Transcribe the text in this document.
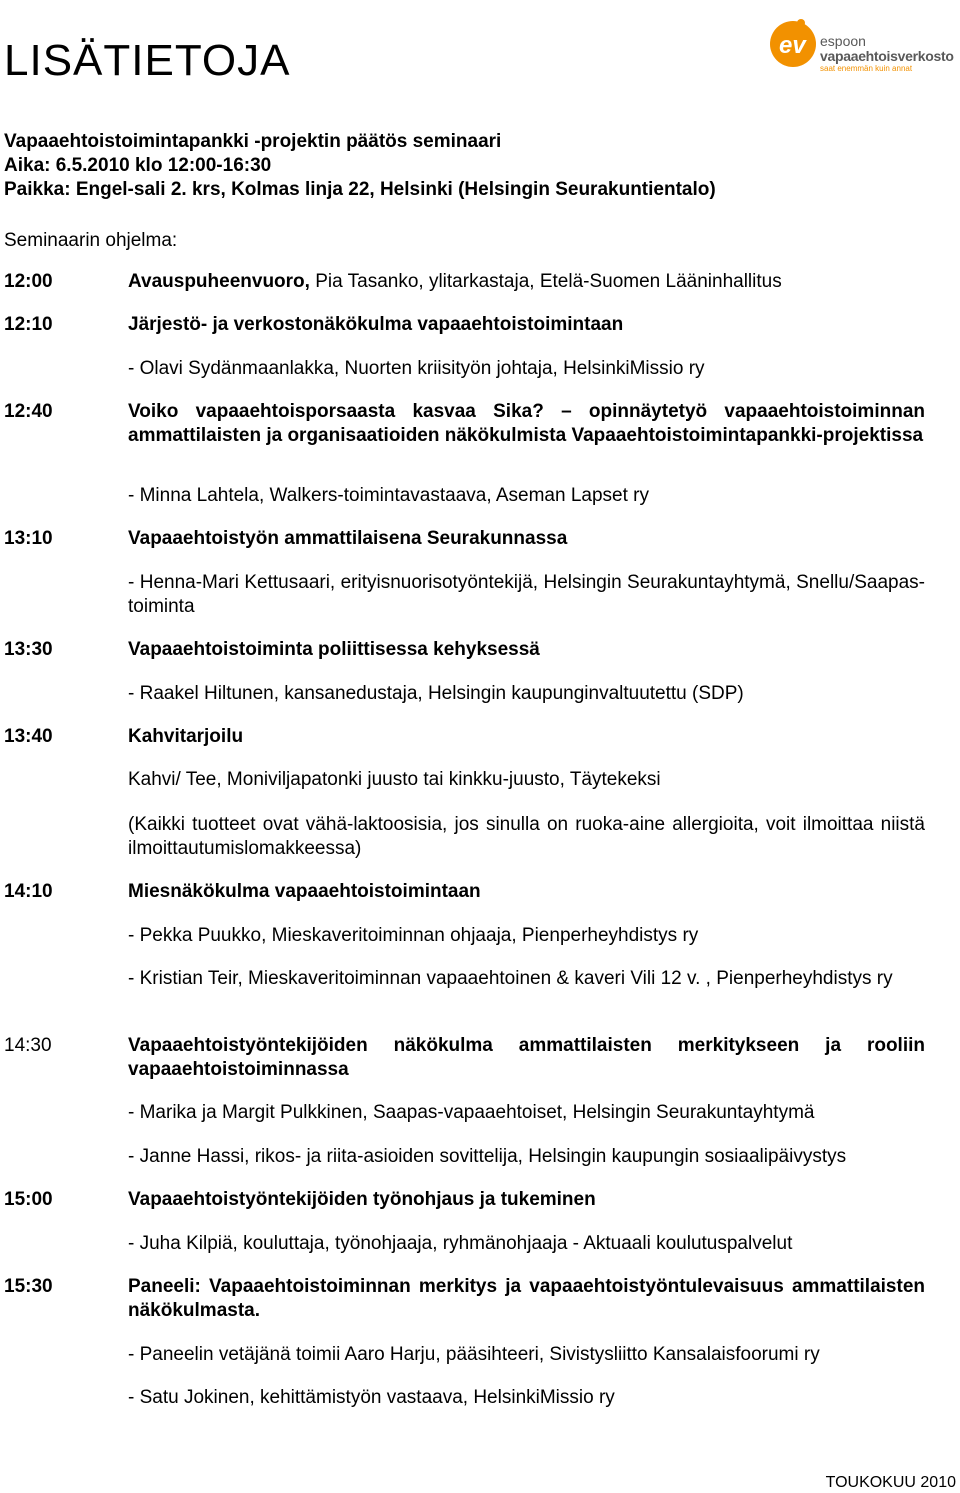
LISÄTIETOJA	ev espoon
vapaaehtoisverkosto
saat enemmän kuin annat
Vapaaehtoistoimintapankki -projektin päätös seminaari
Aika: 6.5.2010 klo 12:00-16:30
Paikka: Engel-sali 2. krs, Kolmas linja 22, Helsinki (Helsingin Seurakuntientalo)
Seminaarin ohjelma:
12:00	Avauspuheenvuoro, Pia Tasanko, ylitarkastaja, Etelä-Suomen Lääninhallitus
12:10	Järjestö- ja verkostonäkökulma vapaaehtoistoimintaan
- Olavi Sydänmaanlakka, Nuorten kriisityön johtaja, HelsinkiMissio ry
12:40	Voiko vapaaehtoisporsaasta kasvaa Sika? – opinnäytetyö vapaaehtoistoiminnan ammattilaisten ja organisaatioiden näkökulmista Vapaaehtoistoimintapankki-projektissa
- Minna Lahtela, Walkers-toimintavastaava, Aseman Lapset ry
13:10	Vapaaehtoistyön ammattilaisena Seurakunnassa
- Henna-Mari Kettusaari, erityisnuorisotyöntekijä, Helsingin Seurakuntayhtymä, Snellu/Saapas-toiminta
13:30	Vapaaehtoistoiminta poliittisessa kehyksessä
- Raakel Hiltunen, kansanedustaja, Helsingin kaupunginvaltuutettu (SDP)
13:40	Kahvitarjoilu
Kahvi/ Tee, Moniviljapatonki juusto tai kinkku-juusto, Täytekeksi
(Kaikki tuotteet ovat vähä-laktoosisia, jos sinulla on ruoka-aine allergioita, voit ilmoittaa niistä ilmoittautumislomakkeessa)
14:10	Miesnäkökulma vapaaehtoistoimintaan
- Pekka Puukko, Mieskaveritoiminnan ohjaaja, Pienperheyhdistys ry
- Kristian Teir, Mieskaveritoiminnan vapaaehtoinen & kaveri Vili 12 v. , Pienperheyhdistys ry
14:30	Vapaaehtoistyöntekijöiden näkökulma ammattilaisten merkitykseen ja rooliin vapaaehtoistoiminnassa
- Marika ja Margit Pulkkinen, Saapas-vapaaehtoiset, Helsingin Seurakuntayhtymä
- Janne Hassi, rikos- ja riita-asioiden sovittelija, Helsingin kaupungin sosiaalipäivystys
15:00	Vapaaehtoistyöntekijöiden työnohjaus ja tukeminen
- Juha Kilpiä, kouluttaja, työnohjaaja, ryhmänohjaaja - Aktuaali koulutuspalvelut
15:30	Paneeli: Vapaaehtoistoiminnan merkitys ja vapaaehtoistyöntulevaisuus ammattilaisten näkökulmasta.
- Paneelin vetäjänä toimii Aaro Harju, pääsihteeri, Sivistysliitto Kansalaisfoorumi ry
- Satu Jokinen, kehittämistyön vastaava, HelsinkiMissio ry
TOUKOKUU 2010
